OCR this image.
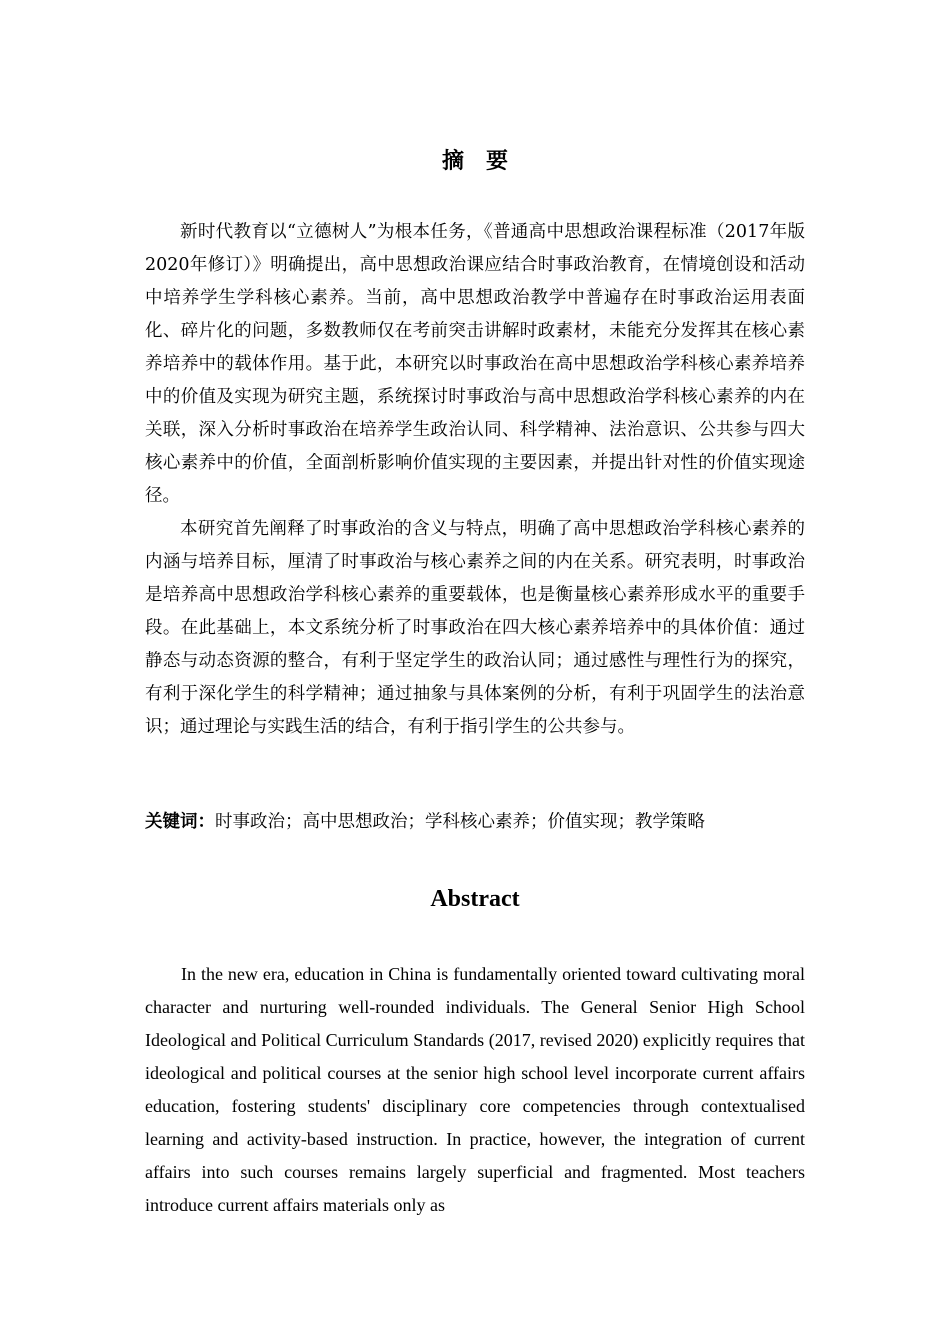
摘要

新时代教育以“立德树人”为根本任务，《普通高中思想政治课程标准（2017年版2020年修订）》明确提出，高中思想政治课应结合时事政治教育，在情境创设和活动中培养学生学科核心素养。当前，高中思想政治教学中普遍存在时事政治运用表面化、碎片化的问题，多数教师仅在考前突击讲解时政素材，未能充分发挥其在核心素养培养中的载体作用。基于此，本研究以时事政治在高中思想政治学科核心素养培养中的价值及实现为研究主题，系统探讨时事政治与高中思想政治学科核心素养的内在关联，深入分析时事政治在培养学生政治认同、科学精神、法治意识、公共参与四大核心素养中的价值，全面剖析影响价值实现的主要因素，并提出针对性的价值实现途径。

本研究首先阐释了时事政治的含义与特点，明确了高中思想政治学科核心素养的内涵与培养目标，厘清了时事政治与核心素养之间的内在关系。研究表明，时事政治是培养高中思想政治学科核心素养的重要载体，也是衡量核心素养形成水平的重要手段。在此基础上，本文系统分析了时事政治在四大核心素养培养中的具体价值：通过静态与动态资源的整合，有利于坚定学生的政治认同；通过感性与理性行为的探究，有利于深化学生的科学精神；通过抽象与具体案例的分析，有利于巩固学生的法治意识；通过理论与实践生活的结合，有利于指引学生的公共参与。

关键词：时事政治；高中思想政治；学科核心素养；价值实现；教学策略
Abstract

In the new era, education in China is fundamentally oriented toward cultivating moral character and nurturing well-rounded individuals. The General Senior High School Ideological and Political Curriculum Standards (2017, revised 2020) explicitly requires that ideological and political courses at the senior high school level incorporate current affairs education, fostering students' disciplinary core competencies through contextualised learning and activity-based instruction. In practice, however, the integration of current affairs into such courses remains largely superficial and fragmented. Most teachers introduce current affairs materials only as
